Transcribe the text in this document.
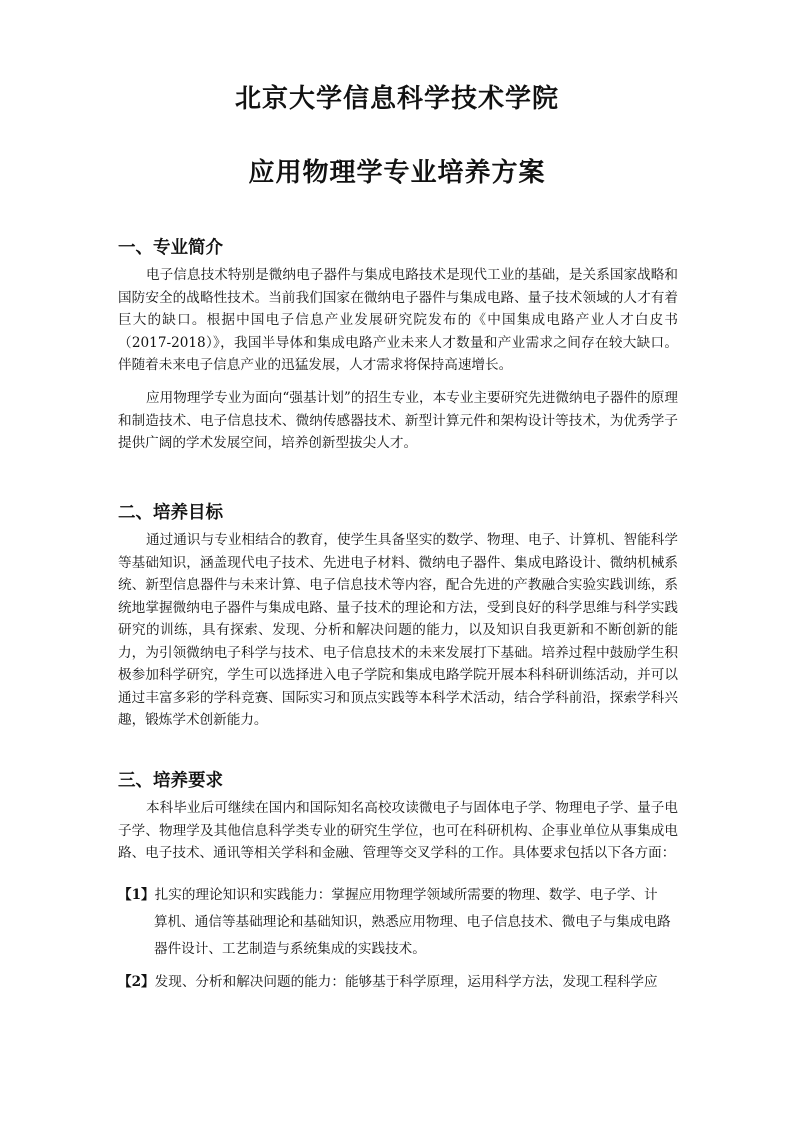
北京大学信息科学技术学院
应用物理学专业培养方案
一、专业简介

电子信息技术特别是微纳电子器件与集成电路技术是现代工业的基础，是关系国家战略和国防安全的战略性技术。当前我们国家在微纳电子器件与集成电路、量子技术领域的人才有着巨大的缺口。根据中国电子信息产业发展研究院发布的《中国集成电路产业人才白皮书（2017-2018）》，我国半导体和集成电路产业未来人才数量和产业需求之间存在较大缺口。伴随着未来电子信息产业的迅猛发展，人才需求将保持高速增长。

应用物理学专业为面向“强基计划”的招生专业，本专业主要研究先进微纳电子器件的原理和制造技术、电子信息技术、微纳传感器技术、新型计算元件和架构设计等技术，为优秀学子提供广阔的学术发展空间，培养创新型拔尖人才。

二、培养目标

通过通识与专业相结合的教育，使学生具备坚实的数学、物理、电子、计算机、智能科学等基础知识，涵盖现代电子技术、先进电子材料、微纳电子器件、集成电路设计、微纳机械系统、新型信息器件与未来计算、电子信息技术等内容，配合先进的产教融合实验实践训练，系统地掌握微纳电子器件与集成电路、量子技术的理论和方法，受到良好的科学思维与科学实践研究的训练，具有探索、发现、分析和解决问题的能力，以及知识自我更新和不断创新的能力，为引领微纳电子科学与技术、电子信息技术的未来发展打下基础。培养过程中鼓励学生积极参加科学研究，学生可以选择进入电子学院和集成电路学院开展本科科研训练活动，并可以通过丰富多彩的学科竞赛、国际实习和顶点实践等本科学术活动，结合学科前沿，探索学科兴趣，锻炼学术创新能力。

三、培养要求

本科毕业后可继续在国内和国际知名高校攻读微电子与固体电子学、物理电子学、量子电子学、物理学及其他信息科学类专业的研究生学位，也可在科研机构、企事业单位从事集成电路、电子技术、通讯等相关学科和金融、管理等交叉学科的工作。具体要求包括以下各方面：

【1】扎实的理论知识和实践能力：掌握应用物理学领域所需要的物理、数学、电子学、计
算机、通信等基础理论和基础知识，熟悉应用物理、电子信息技术、微电子与集成电路器件设计、工艺制造与系统集成的实践技术。
【2】发现、分析和解决问题的能力：能够基于科学原理，运用科学方法，发现工程科学应
